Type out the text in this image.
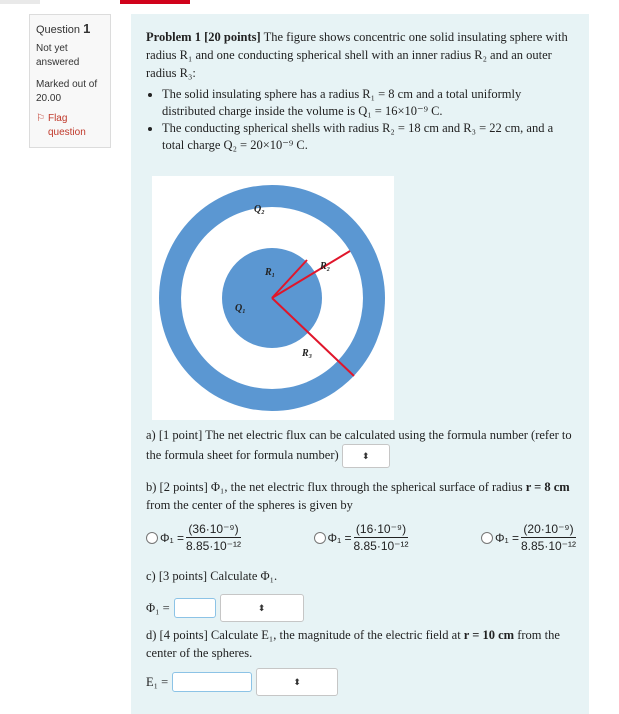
Question 1
Not yet answered
Marked out of
20.00
⚐ Flag question

Problem 1 [20 points] The figure shows concentric one solid insulating sphere with radius R₁ and one conducting spherical shell with an inner radius R₂ and an outer radius R₃:

• The solid insulating sphere has a radius R₁ = 8 cm and a total uniformly distributed charge inside the volume is Q₁ = 16×10⁻⁹ C.
• The conducting spherical shells with radius R₂ = 18 cm and R₃ = 22 cm, and a total charge Q₂ = 20×10⁻⁹ C.
Q₂
Q₁
R₁
R₂
R₃
a) [1 point] The net electric flux can be calculated using the formula number (refer to the formula sheet for formula number)	⬍
b) [2 points] Φ₁, the net electric flux through the spherical surface of radius r = 8 cm from the center of the spheres is given by
$\Phi_1 = \frac{\text{(36·10⁻⁹)}}{\text{8.85·10⁻¹²}}$	$\Phi_1 = \frac{\text{(16·10⁻⁹)}}{\text{8.85·10⁻¹²}}$	$\Phi_1 = \frac{\text{(20·10⁻⁹)}}{\text{8.85·10⁻¹²}}$
c) [3 points] Calculate Φ₁.
Φ₁ =	⬍
d) [4 points] Calculate E₁, the magnitude of the electric field at r = 10 cm from the center of the spheres.
E₁ =	⬍
